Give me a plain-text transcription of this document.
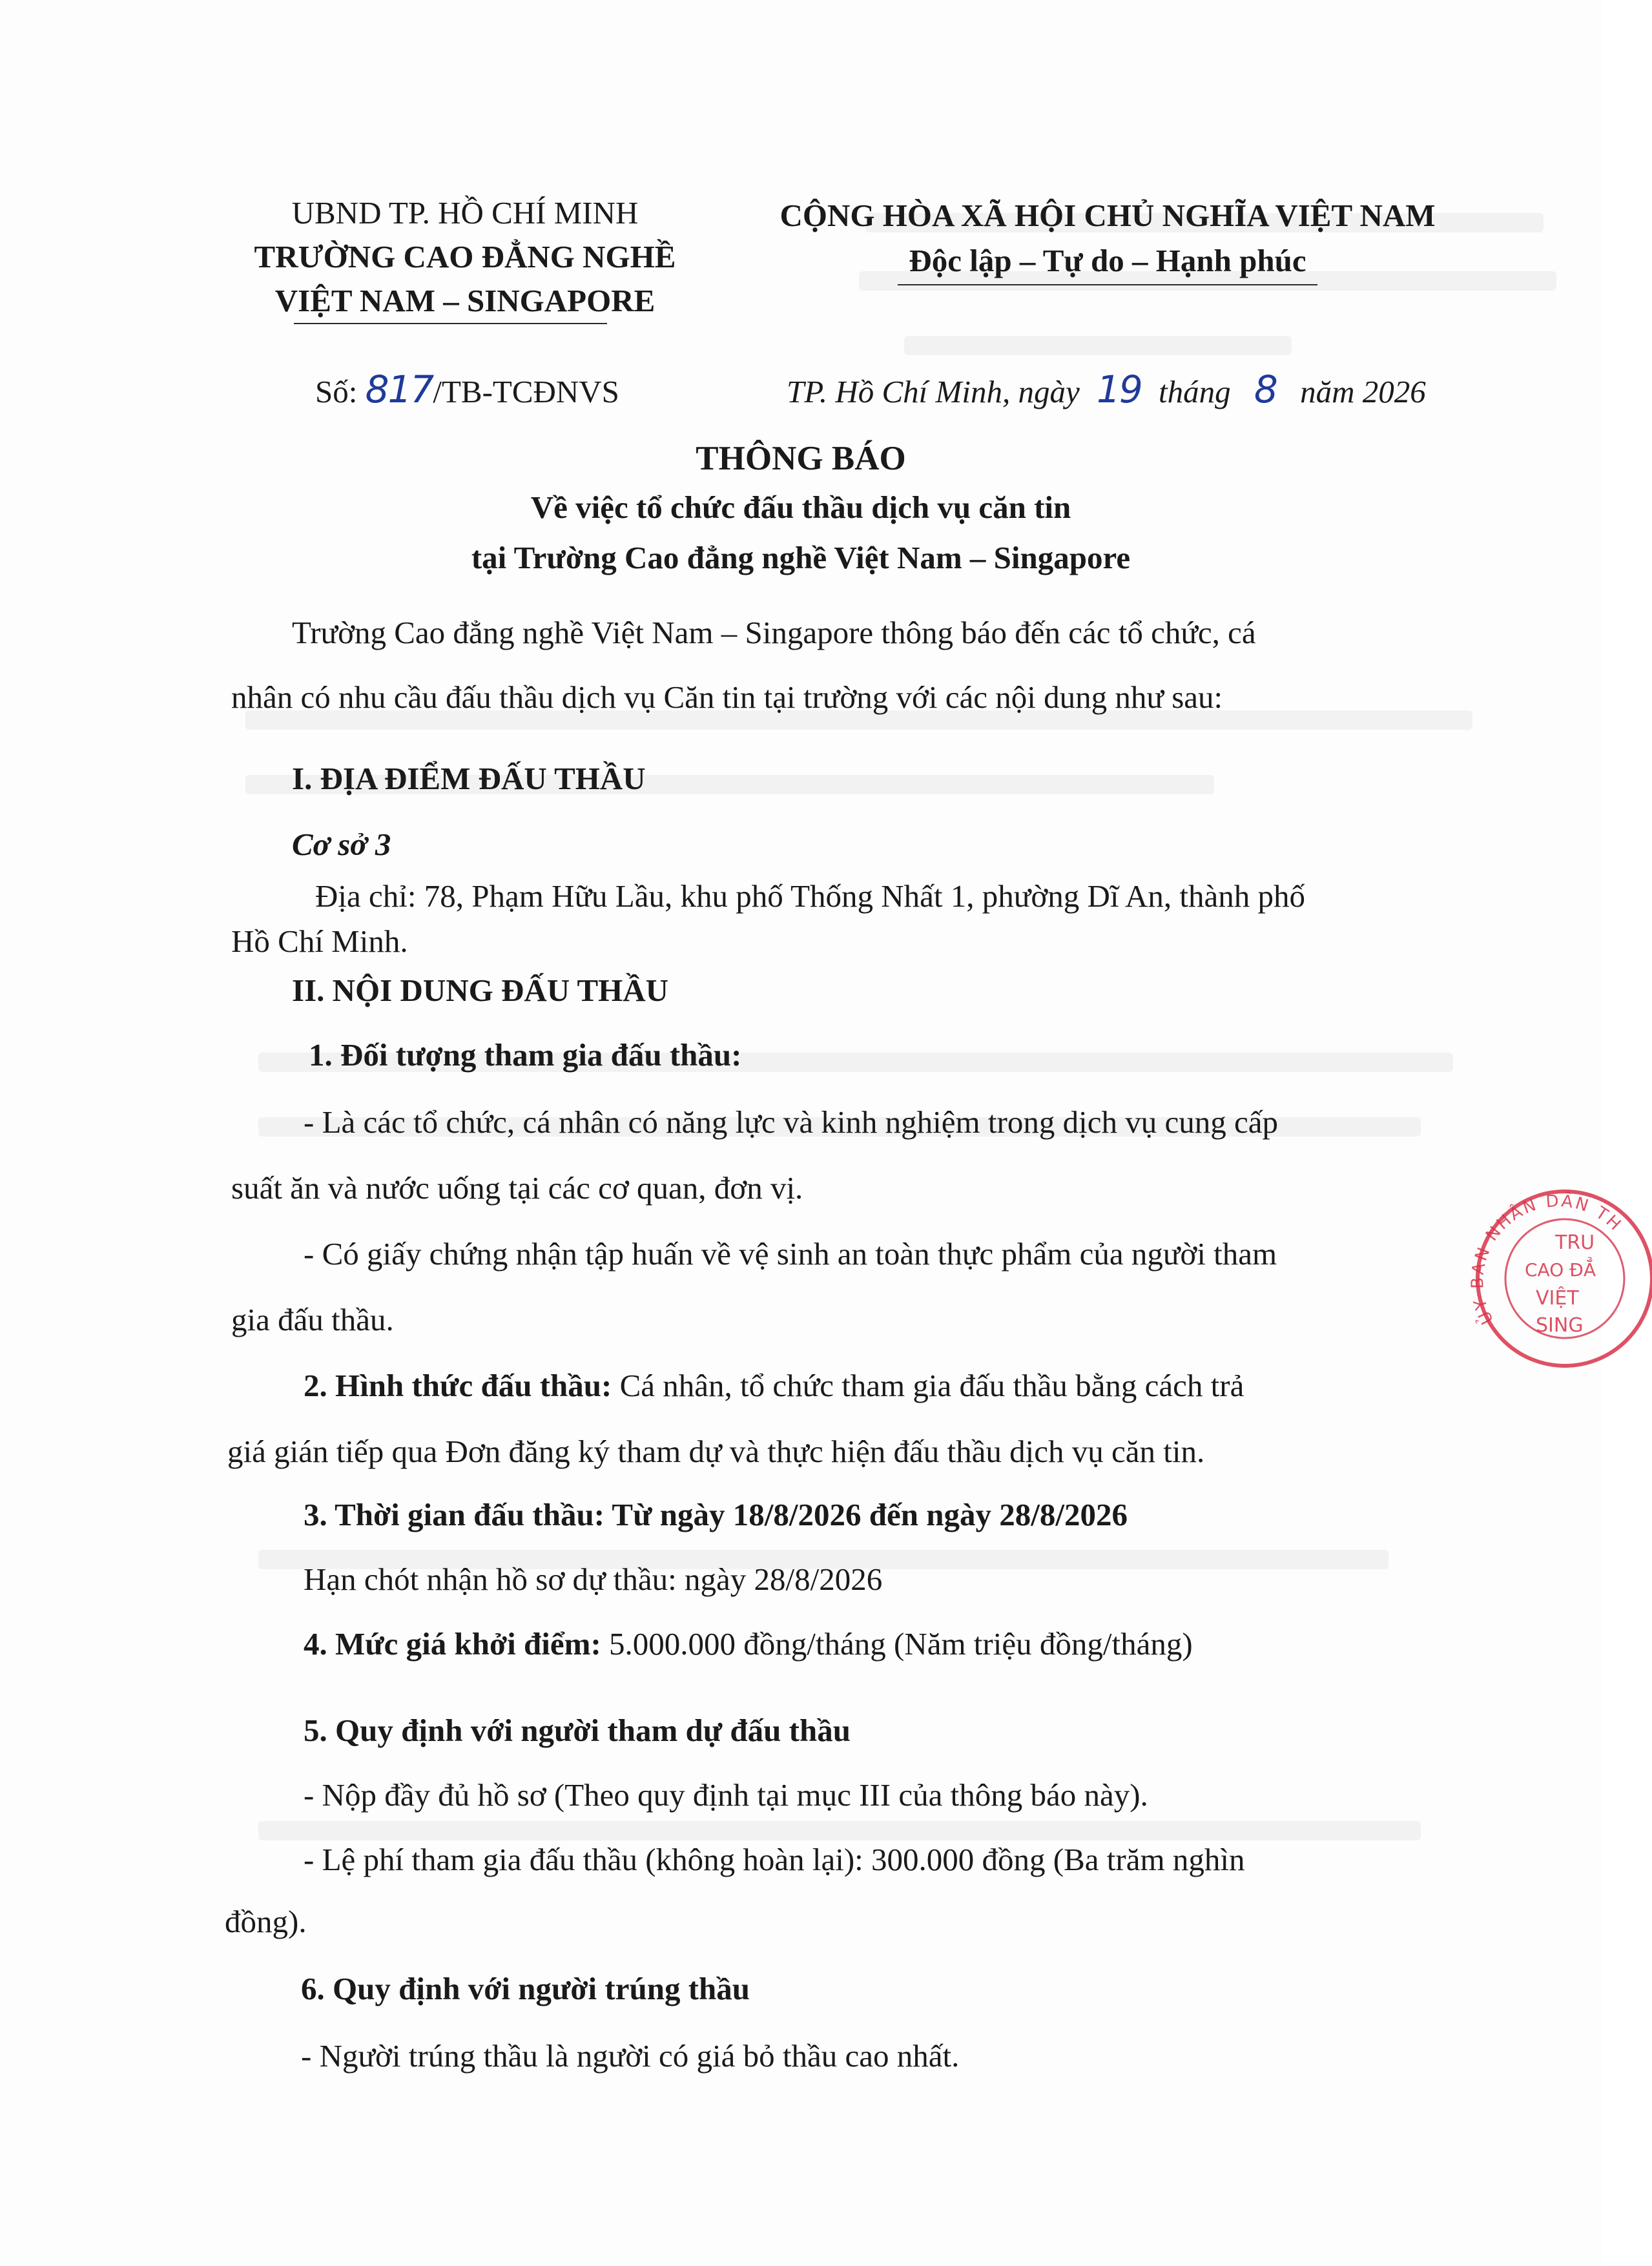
UBND TP. HỒ CHÍ MINH
TRƯỜNG CAO ĐẲNG NGHỀ
VIỆT NAM – SINGAPORE
CỘNG HÒA XÃ HỘI CHỦ NGHĨA VIỆT NAM
Độc lập – Tự do – Hạnh phúc
Số: 817/TB-TCĐNVS	TP. Hồ Chí Minh, ngày 19 tháng 8 năm 2026
THÔNG BÁO
Về việc tổ chức đấu thầu dịch vụ căn tin
tại Trường Cao đẳng nghề Việt Nam – Singapore
Trường Cao đẳng nghề Việt Nam – Singapore thông báo đến các tổ chức, cá
nhân có nhu cầu đấu thầu dịch vụ Căn tin tại trường với các nội dung như sau:
I. ĐỊA ĐIỂM ĐẤU THẦU
Cơ sở 3
Địa chỉ: 78, Phạm Hữu Lầu, khu phố Thống Nhất 1, phường Dĩ An, thành phố
Hồ Chí Minh.
II. NỘI DUNG ĐẤU THẦU
1. Đối tượng tham gia đấu thầu:
- Là các tổ chức, cá nhân có năng lực và kinh nghiệm trong dịch vụ cung cấp
suất ăn và nước uống tại các cơ quan, đơn vị.
- Có giấy chứng nhận tập huấn về vệ sinh an toàn thực phẩm của người tham
gia đấu thầu.
2. Hình thức đấu thầu: Cá nhân, tổ chức tham gia đấu thầu bằng cách trả
giá gián tiếp qua Đơn đăng ký tham dự và thực hiện đấu thầu dịch vụ căn tin.
3. Thời gian đấu thầu: Từ ngày 18/8/2026 đến ngày 28/8/2026
Hạn chót nhận hồ sơ dự thầu: ngày 28/8/2026
4. Mức giá khởi điểm: 5.000.000 đồng/tháng (Năm triệu đồng/tháng)
5. Quy định với người tham dự đấu thầu
- Nộp đầy đủ hồ sơ (Theo quy định tại mục III của thông báo này).
- Lệ phí tham gia đấu thầu (không hoàn lại): 300.000 đồng (Ba trăm nghìn
đồng).
6. Quy định với người trúng thầu
- Người trúng thầu là người có giá bỏ thầu cao nhất.
ỦY BAN NHÂN DÂN TH
TRU
CAO ĐẲ
VIỆT
SING
